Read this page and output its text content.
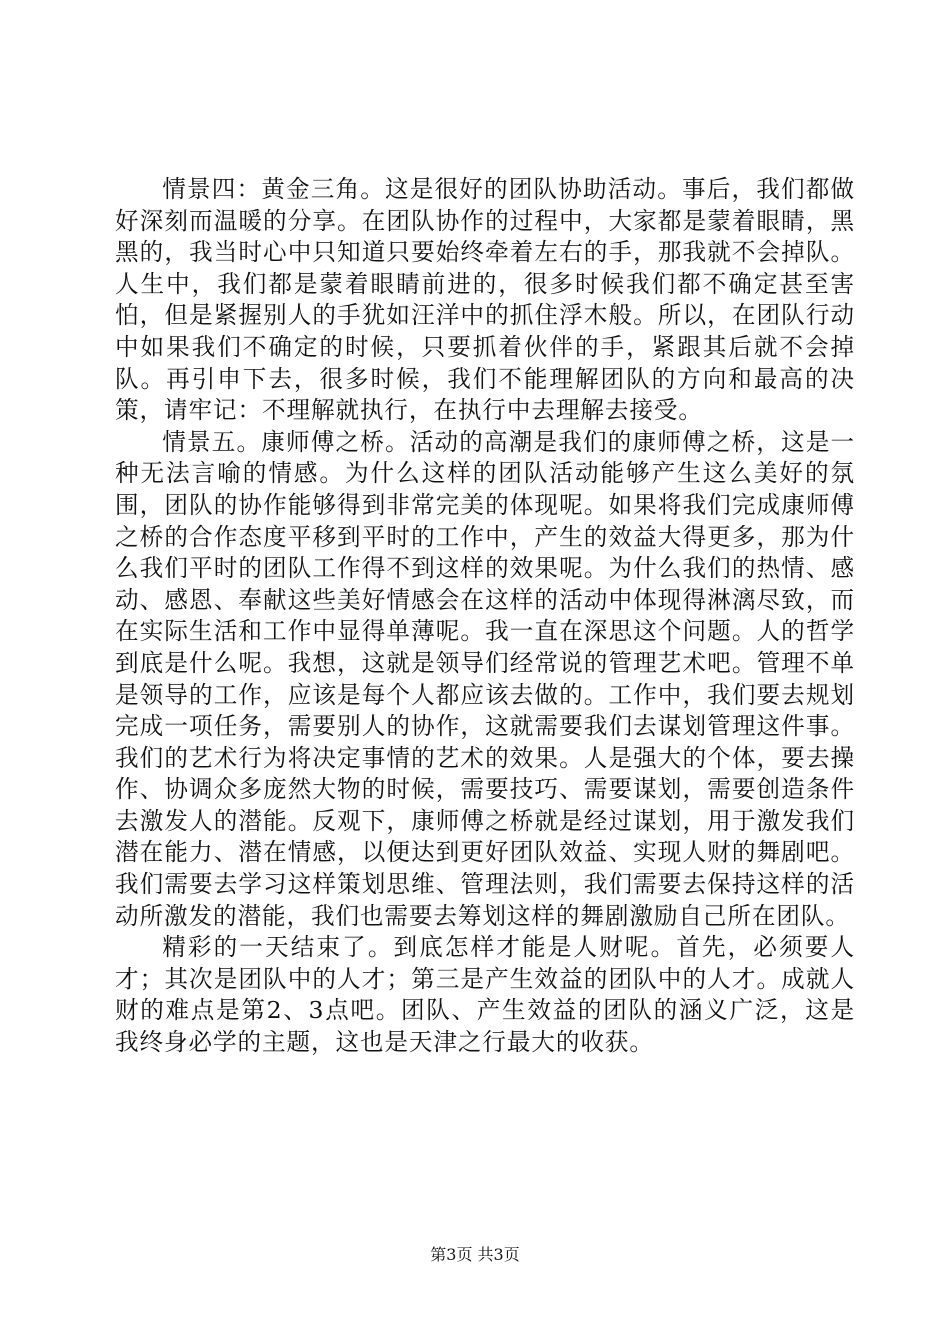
情景四：黄金三角。这是很好的团队协助活动。事后，我们都做好深刻而温暖的分享。在团队协作的过程中，大家都是蒙着眼睛，黑黑的，我当时心中只知道只要始终牵着左右的手，那我就不会掉队。人生中，我们都是蒙着眼睛前进的，很多时候我们都不确定甚至害怕，但是紧握别人的手犹如汪洋中的抓住浮木般。所以，在团队行动中如果我们不确定的时候，只要抓着伙伴的手，紧跟其后就不会掉队。再引申下去，很多时候，我们不能理解团队的方向和最高的决策，请牢记：不理解就执行，在执行中去理解去接受。

情景五。康师傅之桥。活动的高潮是我们的康师傅之桥，这是一种无法言喻的情感。为什么这样的团队活动能够产生这么美好的氛围，团队的协作能够得到非常完美的体现呢。如果将我们完成康师傅之桥的合作态度平移到平时的工作中，产生的效益大得更多，那为什么我们平时的团队工作得不到这样的效果呢。为什么我们的热情、感动、感恩、奉献这些美好情感会在这样的活动中体现得淋漓尽致，而在实际生活和工作中显得单薄呢。我一直在深思这个问题。人的哲学到底是什么呢。我想，这就是领导们经常说的管理艺术吧。管理不单是领导的工作，应该是每个人都应该去做的。工作中，我们要去规划完成一项任务，需要别人的协作，这就需要我们去谋划管理这件事。我们的艺术行为将决定事情的艺术的效果。人是强大的个体，要去操作、协调众多庞然大物的时候，需要技巧、需要谋划，需要创造条件去激发人的潜能。反观下，康师傅之桥就是经过谋划，用于激发我们潜在能力、潜在情感，以便达到更好团队效益、实现人财的舞剧吧。我们需要去学习这样策划思维、管理法则，我们需要去保持这样的活动所激发的潜能，我们也需要去筹划这样的舞剧激励自己所在团队。

精彩的一天结束了。到底怎样才能是人财呢。首先，必须要人才；其次是团队中的人才；第三是产生效益的团队中的人才。成就人财的难点是第2、3点吧。团队、产生效益的团队的涵义广泛，这是我终身必学的主题，这也是天津之行最大的收获。

第3页 共3页
